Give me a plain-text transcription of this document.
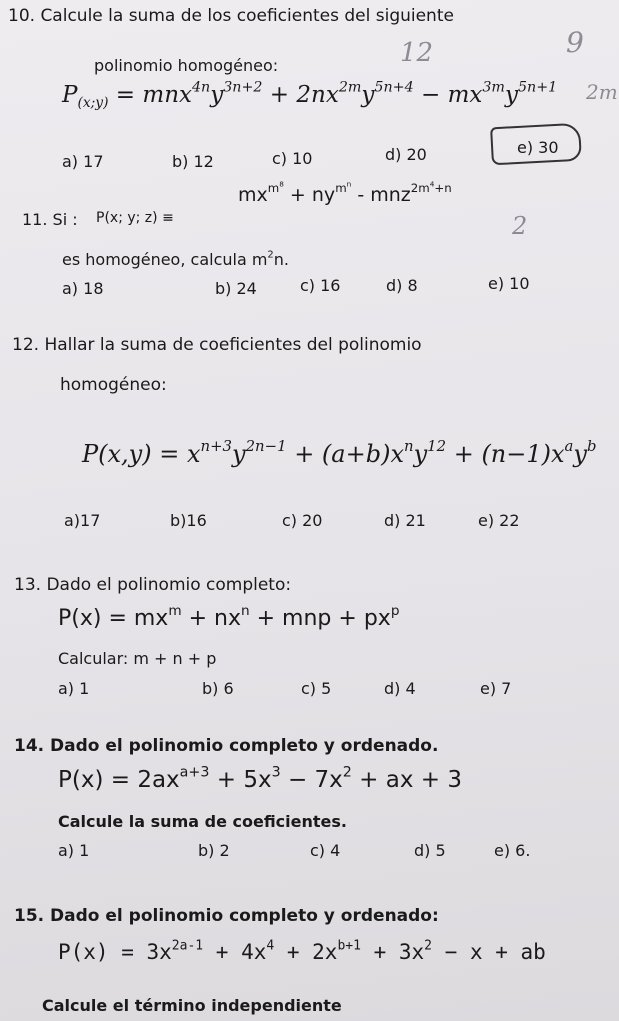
10. Calcule la suma de los coeficientes del siguiente
polinomio homogéneo:
$P_{(x;y)} = mnx^{4n}y^{3n+2} + 2nx^{2m}y^{5n+4} - mx^{3m}y^{5n+1}$
12	9
2m
a) 17	b) 12	c) 10	d) 20	e) 30
11. Si : P(x; y; z) ≡
$mx^{m^8} + ny^{m^n} - mnz^{2m^4+n}$
2
es homogéneo, calcula $m^2n$.
a) 18	b) 24	c) 16	d) 8	e) 10
12. Hallar la suma de coeficientes del polinomio
homogéneo:
$P(x,y) = x^{n+3}y^{2n-1} + (a+b)x^ny^{12} + (n-1)x^ay^b$
a)17	b)16	c) 20	d) 21	e) 22
13. Dado el polinomio completo:
$P(x) = mx^m + nx^n$ + mnp + $px^p$
Calcular: m + n + p
a) 1	b) 6	c) 5	d) 4	e) 7
14. Dado el polinomio completo y ordenado.
$P(x) = 2ax^{a+3} + 5x^3 - 7x^2$ + ax + 3
Calcule la suma de coeficientes.
a) 1	b) 2	c) 4	d) 5	e) 6.
15. Dado el polinomio completo y ordenado:
$P(x) = 3x^{2a-1} + 4x^4 + 2x^{b+1} + 3x^2 - x$ + ab
Calcule el término independiente
